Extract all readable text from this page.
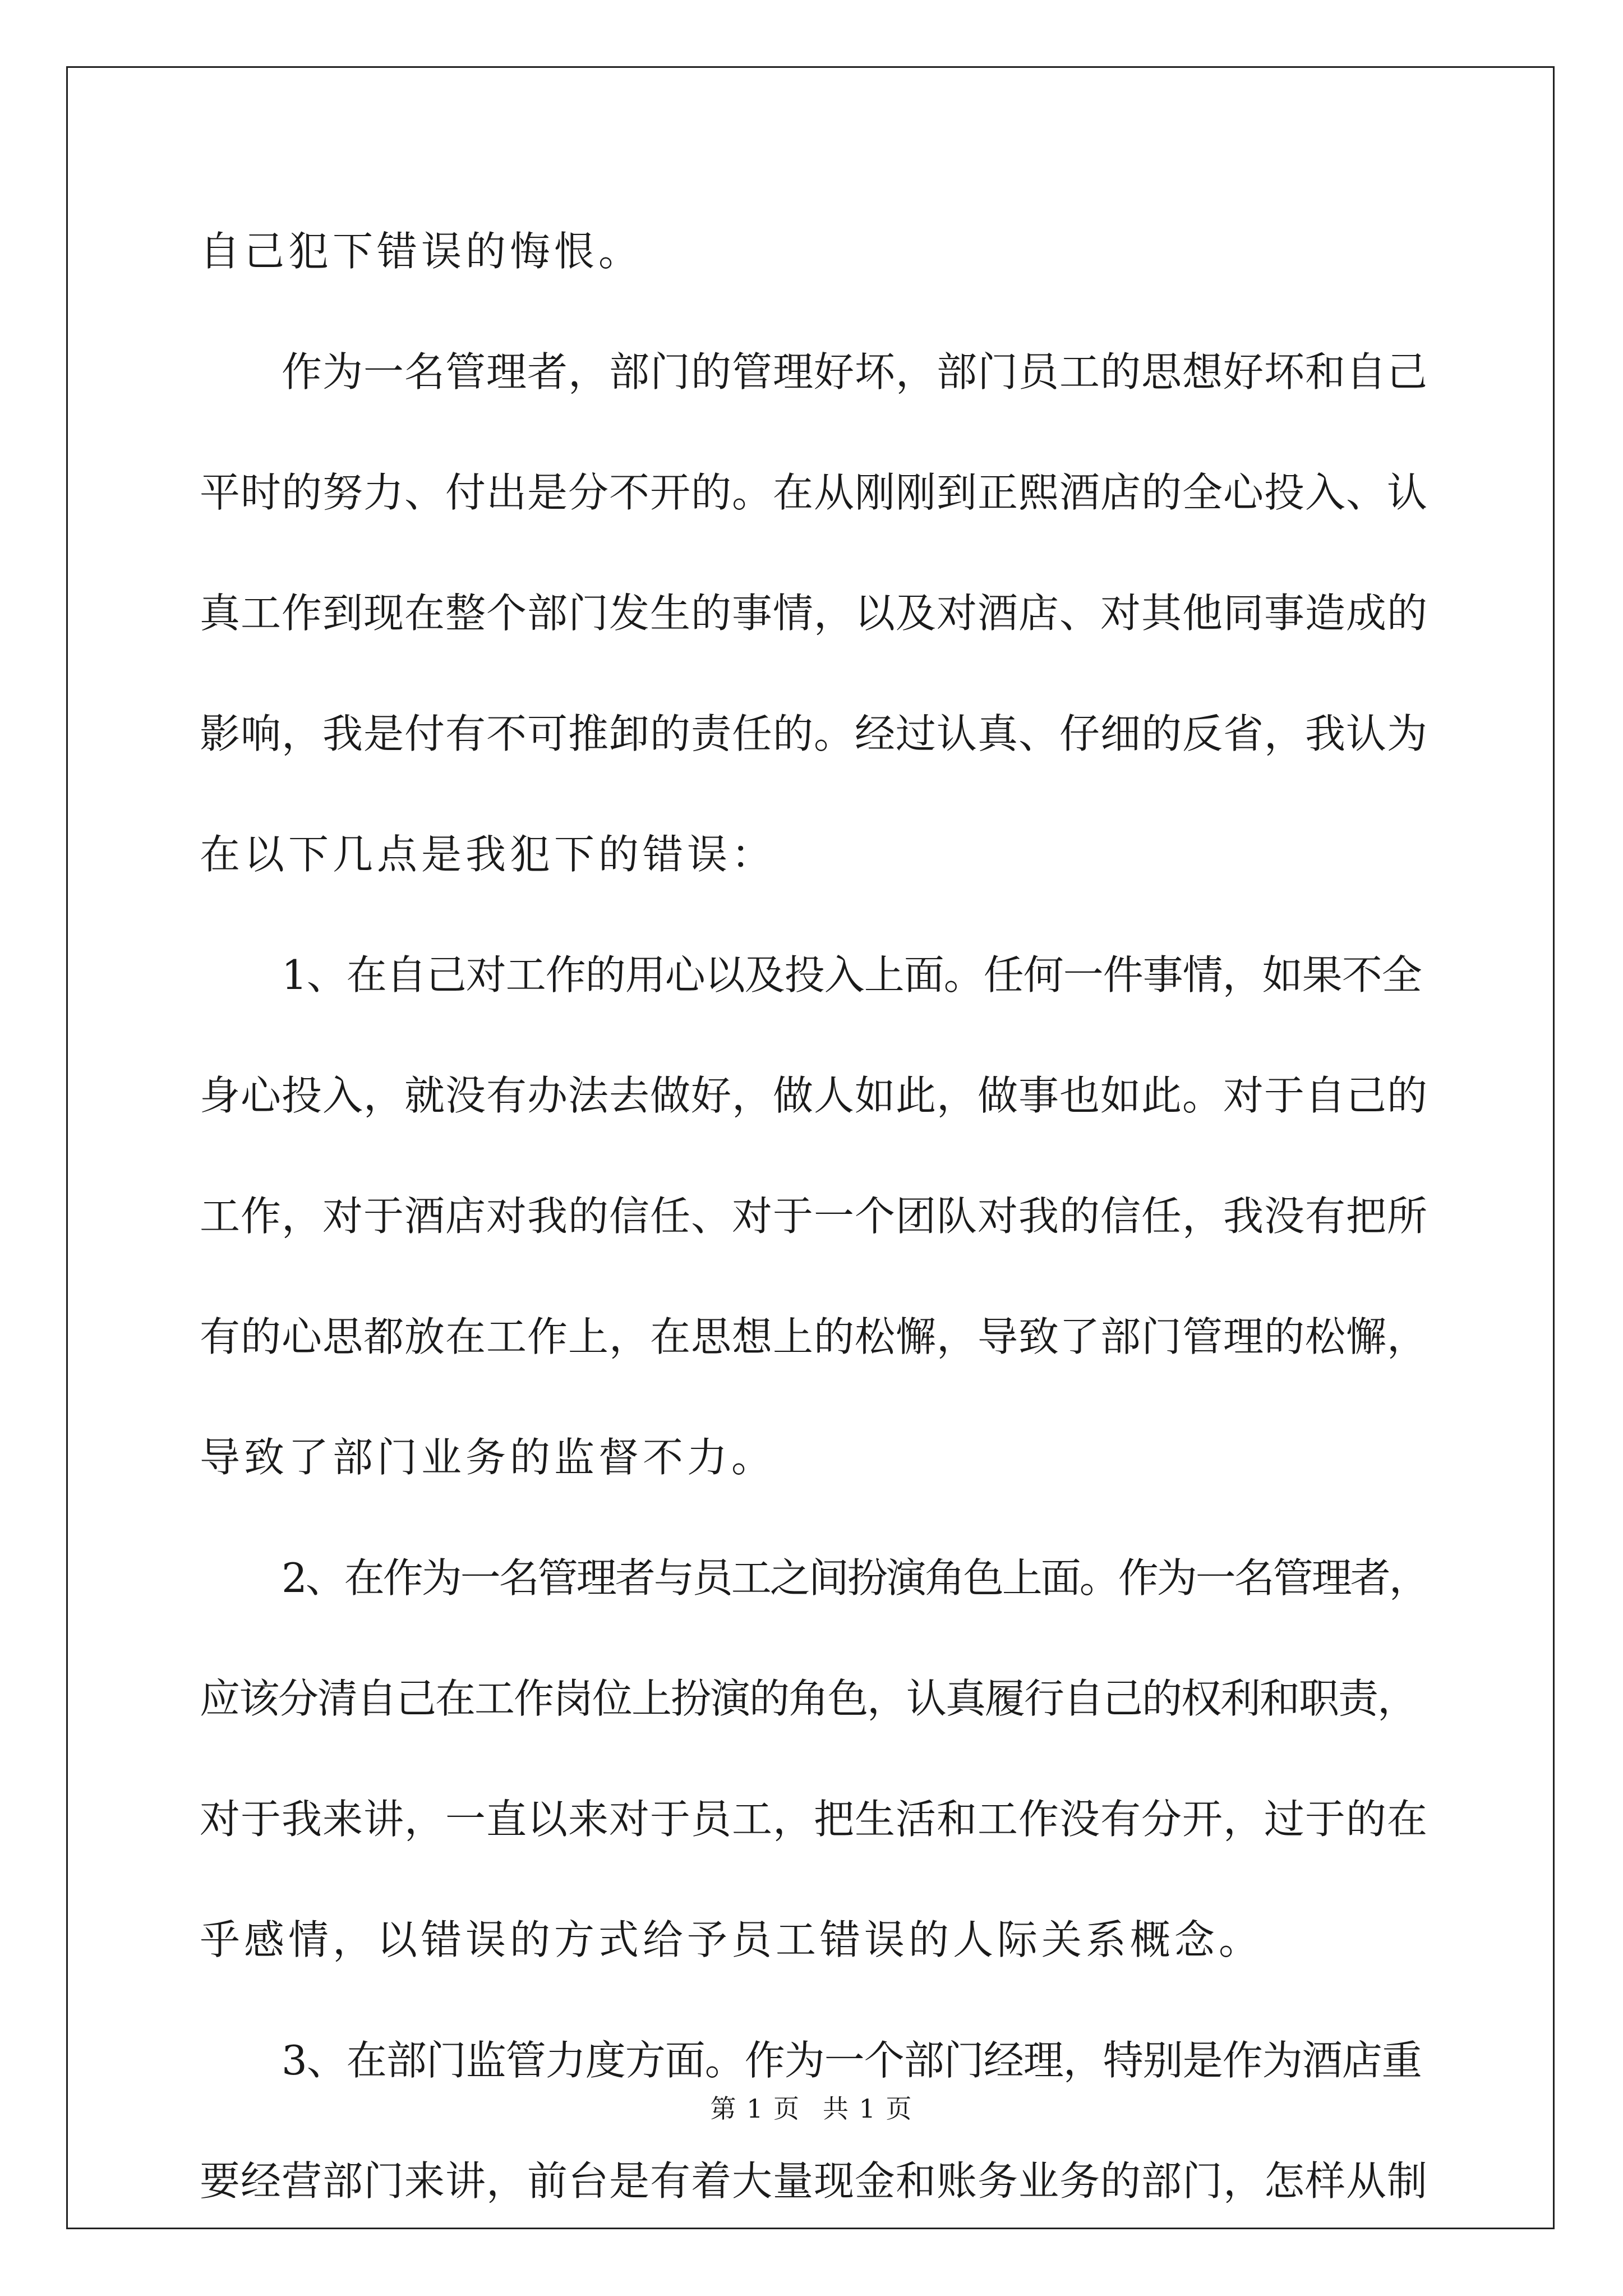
自己犯下错误的悔恨。
作为一名管理者，部门的管理好坏，部门员工的思想好坏和自己
平时的努力、付出是分不开的。在从刚刚到正熙酒店的全心投入、认
真工作到现在整个部门发生的事情，以及对酒店、对其他同事造成的
影响，我是付有不可推卸的责任的。经过认真、仔细的反省，我认为
在以下几点是我犯下的错误：
1、在自己对工作的用心以及投入上面。任何一件事情，如果不全
身心投入，就没有办法去做好，做人如此，做事也如此。对于自己的
工作，对于酒店对我的信任、对于一个团队对我的信任，我没有把所
有的心思都放在工作上，在思想上的松懈，导致了部门管理的松懈，
导致了部门业务的监督不力。
2、在作为一名管理者与员工之间扮演角色上面。作为一名管理者，
应该分清自己在工作岗位上扮演的角色，认真履行自己的权利和职责，
对于我来讲，一直以来对于员工，把生活和工作没有分开，过于的在
乎感情，以错误的方式给予员工错误的人际关系概念。
3、在部门监管力度方面。作为一个部门经理，特别是作为酒店重
要经营部门来讲，前台是有着大量现金和账务业务的部门，怎样从制
第 1 页 共 1 页
